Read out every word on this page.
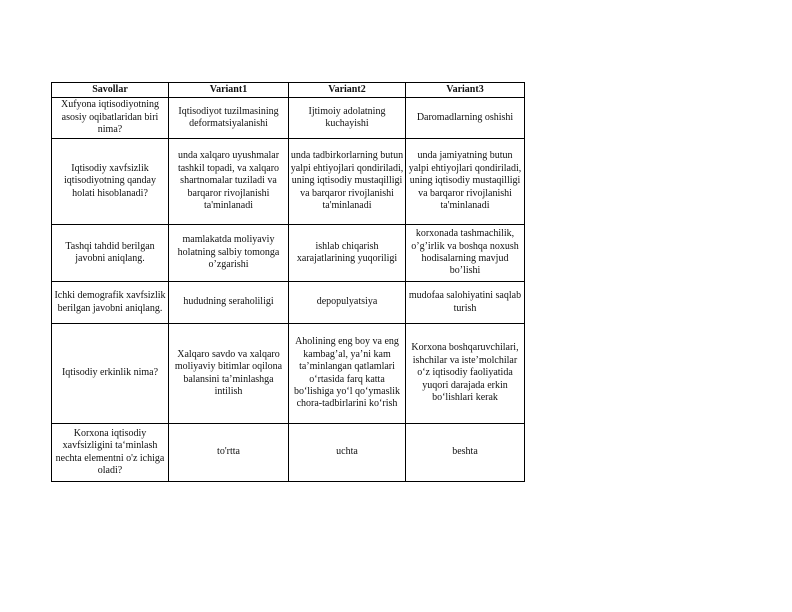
Savollar	Variant1	Variant2	Variant3
Xufyona iqtisodiyotning asosiy oqibatlaridan biri nima?	Iqtisodiyot tuzilmasining deformatsiyalanishi	Ijtimoiy adolatning kuchayishi	Daromadlarning oshishi
Iqtisodiy xavfsizlik iqtisodiyotning qanday holati hisoblanadi?	unda xalqaro uyushmalar tashkil topadi, va xalqaro shartnomalar tuziladi va barqaror rivojlanishi ta'minlanadi	unda tadbirkorlarning butun yalpi ehtiyojlari qondiriladi, uning iqtisodiy mustaqilligi va barqaror rivojlanishi ta'minlanadi	unda jamiyatning butun yalpi ehtiyojlari qondiriladi, uning iqtisodiy mustaqilligi va barqaror rivojlanishi ta'minlanadi
Tashqi tahdid berilgan javobni aniqlang.	mamlakatda moliyaviy holatning salbiy tomonga o’zgarishi	ishlab chiqarish xarajatlarining yuqoriligi	korxonada tashmachilik, o’g’irlik va boshqa noxush hodisalarning mavjud bo’lishi
Ichki demografik xavfsizlik berilgan javobni aniqlang.	hududning seraholiligi	depopulyatsiya	mudofaa salohiyatini saqlab turish
Iqtisodiy erkinlik nima?	Xalqaro savdo va xalqaro moliyaviy bitimlar oqilona balansini ta’minlashga intilish	Aholining eng boy va eng kambag’al, ya’ni kam ta’minlangan qatlamlari o‘rtasida farq katta bo‘lishiga yo‘l qo‘ymaslik chora-tadbirlarini ko‘rish	Korxona boshqaruvchilari, ishchilar va iste’molchilar o‘z iqtisodiy faoliyatida yuqori darajada erkin bo‘lishlari kerak
Korxona iqtisodiy xavfsizligini ta‘minlash nechta elementni o'z ichiga oladi?	to'rtta	uchta	beshta
